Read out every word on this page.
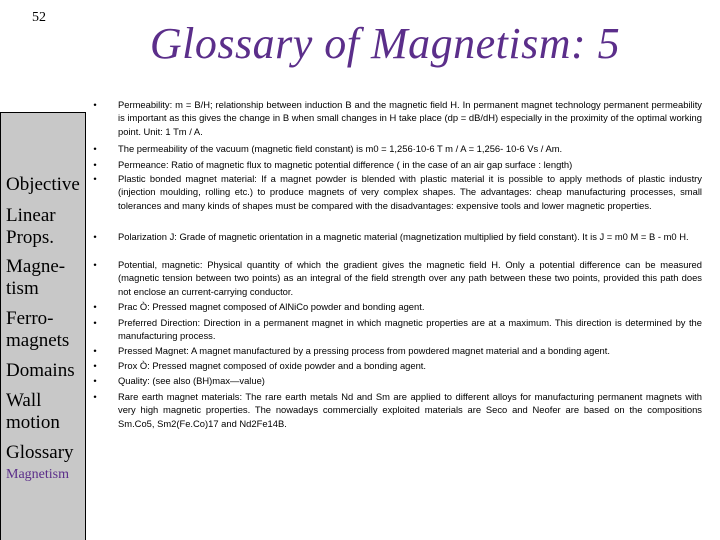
52
Glossary of Magnetism: 5
Objective
Linear Props.
Magne- tism
Ferro- magnets
Domains
Wall motion
Glossary
Magnetism
•	Permeability: m = B/H; relationship between induction B and the magnetic field H. In permanent magnet technology permanent permeability is important as this gives the change in B when small changes in H take place (dp = dB/dH) especially in the proximity of the optimal working point. Unit: 1 Tm / A.
•	The permeability of the vacuum (magnetic field constant) is m0 = 1,256·10-6 T m / A = 1,256- 10-6 Vs / Am.
•	Permeance: Ratio of magnetic flux to magnetic potential difference ( in the case of an air gap surface : length)
•	Plastic bonded magnet material: If a magnet powder is blended with plastic material it is possible to apply methods of plastic industry (injection moulding, rolling etc.) to produce magnets of very complex shapes. The advantages: cheap manufacturing processes, small tolerances and many kinds of shapes must be compared with the disadvantages: expensive tools and lower magnetic properties.
•	Polarization J: Grade of magnetic orientation in a magnetic material (magnetization multiplied by field constant). It is J = m0 M = B - m0 H.
•	Potential, magnetic: Physical quantity of which the gradient gives the magnetic field H. Only a potential difference can be measured (magnetic tension between two points) as an integral of the field strength over any path between these two points, provided this path does not enclose an current-carrying conductor.
•	Prac Ò: Pressed magnet composed of AlNiCo powder and bonding agent.
•	Preferred Direction: Direction in a permanent magnet in which magnetic properties are at a maximum. This direction is determined by the manufacturing process.
•	Pressed Magnet: A magnet manufactured by a pressing process from powdered magnet material and a bonding agent.
•	Prox Ò: Pressed magnet composed of oxide powder and a bonding agent.
•	Quality: (see also (BH)max—value)
•	Rare earth magnet materials: The rare earth metals Nd and Sm are applied to different alloys for manufacturing permanent magnets with very high magnetic properties. The nowadays commercially exploited materials are Seco and Neofer are based on the compositions Sm.Co5, Sm2(Fe.Co)17 and Nd2Fe14B.
